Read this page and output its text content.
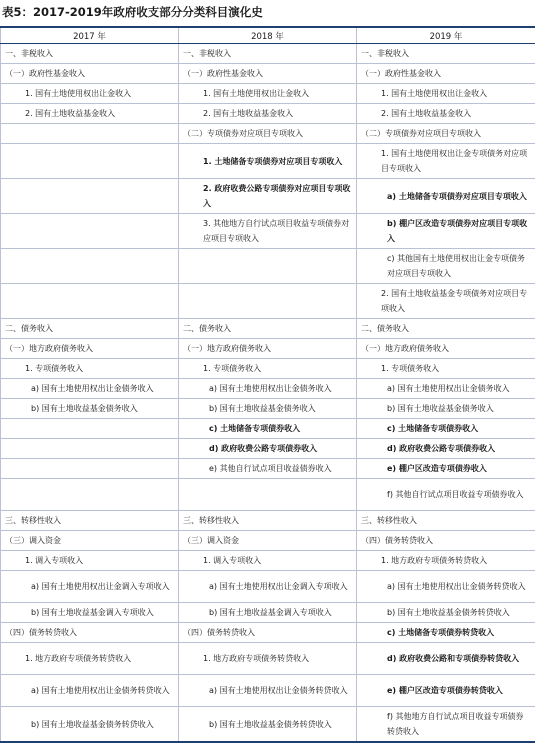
表5：2017-2019年政府收支部分分类科目演化史
2017 年	2018 年	2019 年
一、非税收入	一、非税收入	一、非税收入
（一）政府性基金收入	（一）政府性基金收入	（一）政府性基金收入
1. 国有土地使用权出让金收入	1. 国有土地使用权出让金收入	1. 国有土地使用权出让金收入
2. 国有土地收益基金收入	2. 国有土地收益基金收入	2. 国有土地收益基金收入
	（二）专项债券对应项目专项收入	（二）专项债券对应项目专项收入
	1. 土地储备专项债券对应项目专项收入	1. 国有土地使用权出让金专项债务对应项目专项收入
	2. 政府收费公路专项债券对应项目专项收入	a) 土地储备专项债券对应项目专项收入
	3. 其他地方自行试点项目收益专项债券对应项目专项收入	b) 棚户区改造专项债券对应项目专项收入
		c) 其他国有土地使用权出让金专项债务对应项目专项收入
		2. 国有土地收益基金专项债务对应项目专项收入
二、债务收入	二、债务收入	二、债务收入
（一）地方政府债务收入	（一）地方政府债务收入	（一）地方政府债务收入
1. 专项债务收入	1. 专项债务收入	1. 专项债务收入
a) 国有土地使用权出让金债务收入	a) 国有土地使用权出让金债务收入	a) 国有土地使用权出让金债务收入
b) 国有土地收益基金债务收入	b) 国有土地收益基金债务收入	b) 国有土地收益基金债务收入
	c) 土地储备专项债券收入	c) 土地储备专项债券收入
	d) 政府收费公路专项债券收入	d) 政府收费公路专项债券收入
	e) 其他自行试点项目收益债券收入	e) 棚户区改造专项债券收入
		f) 其他自行试点项目收益专项债券收入
三、转移性收入	三、转移性收入	三、转移性收入
（三）调入资金	（三）调入资金	（四）债务转贷收入
1. 调入专项收入	1. 调入专项收入	1. 地方政府专项债务转贷收入
a) 国有土地使用权出让金调入专项收入	a) 国有土地使用权出让金调入专项收入	a) 国有土地使用权出让金债务转贷收入
b) 国有土地收益基金调入专项收入	b) 国有土地收益基金调入专项收入	b) 国有土地收益基金债务转贷收入
（四）债务转贷收入	（四）债务转贷收入	c) 土地储备专项债券转贷收入
1. 地方政府专项债务转贷收入	1. 地方政府专项债务转贷收入	d) 政府收费公路和专项债券转贷收入
a) 国有土地使用权出让金债务转贷收入	a) 国有土地使用权出让金债务转贷收入	e) 棚户区改造专项债券转贷收入
b) 国有土地收益基金债务转贷收入	b) 国有土地收益基金债务转贷收入	f) 其他地方自行试点项目收益专项债券转贷收入
